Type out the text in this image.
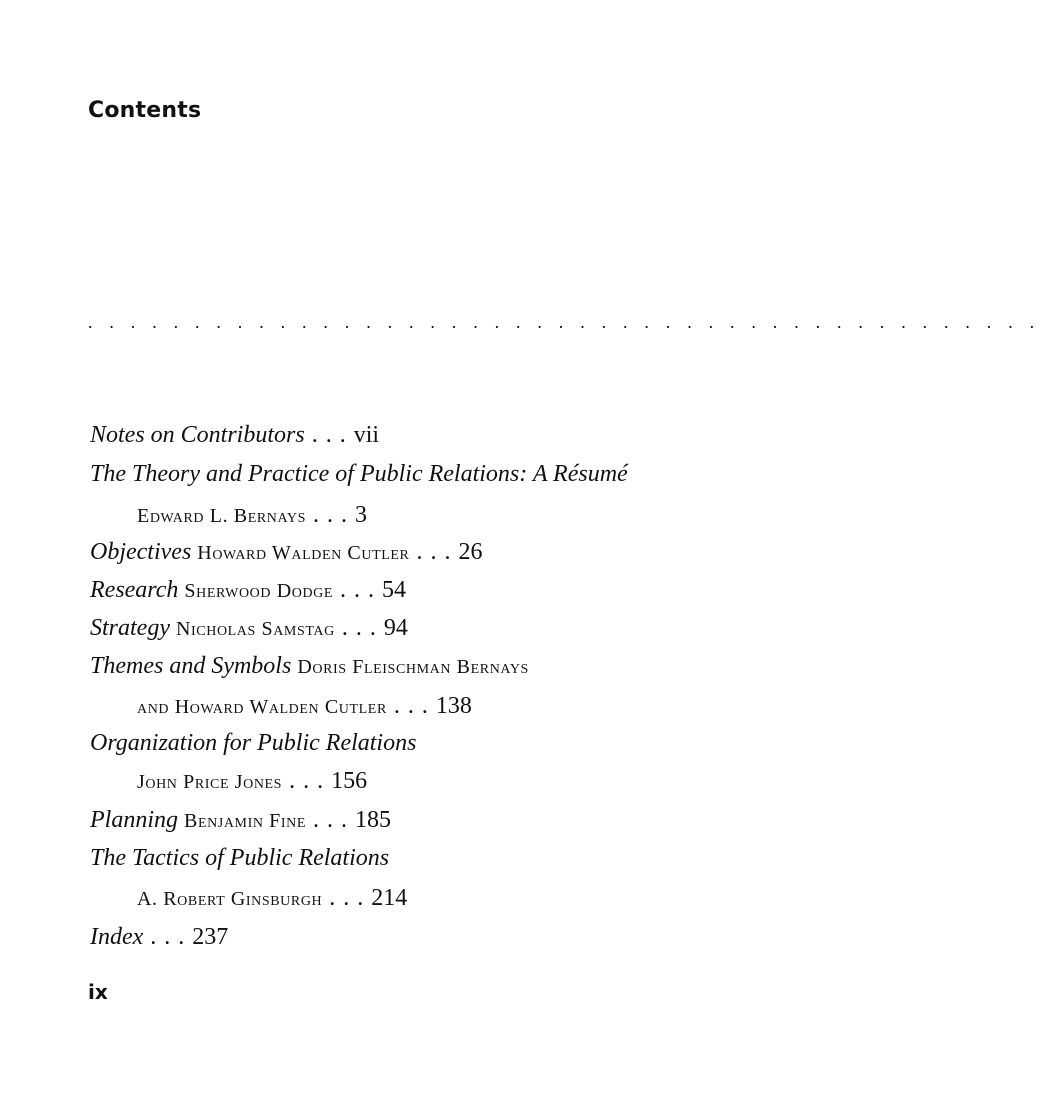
Contents
. . . . . . . . . . . . . . . . . . . . . . . . . . . . . . . . . . . . . . . . . . . . .
Notes on Contributors . . . vii
The Theory and Practice of Public Relations: A Résumé
Edward L. Bernays . . . 3
Objectives Howard Walden Cutler . . . 26
Research Sherwood Dodge . . . 54
Strategy Nicholas Samstag . . . 94
Themes and Symbols Doris Fleischman Bernays
and Howard Walden Cutler . . . 138
Organization for Public Relations
John Price Jones . . . 156
Planning Benjamin Fine . . . 185
The Tactics of Public Relations
A. Robert Ginsburgh . . . 214
Index . . . 237
ix
